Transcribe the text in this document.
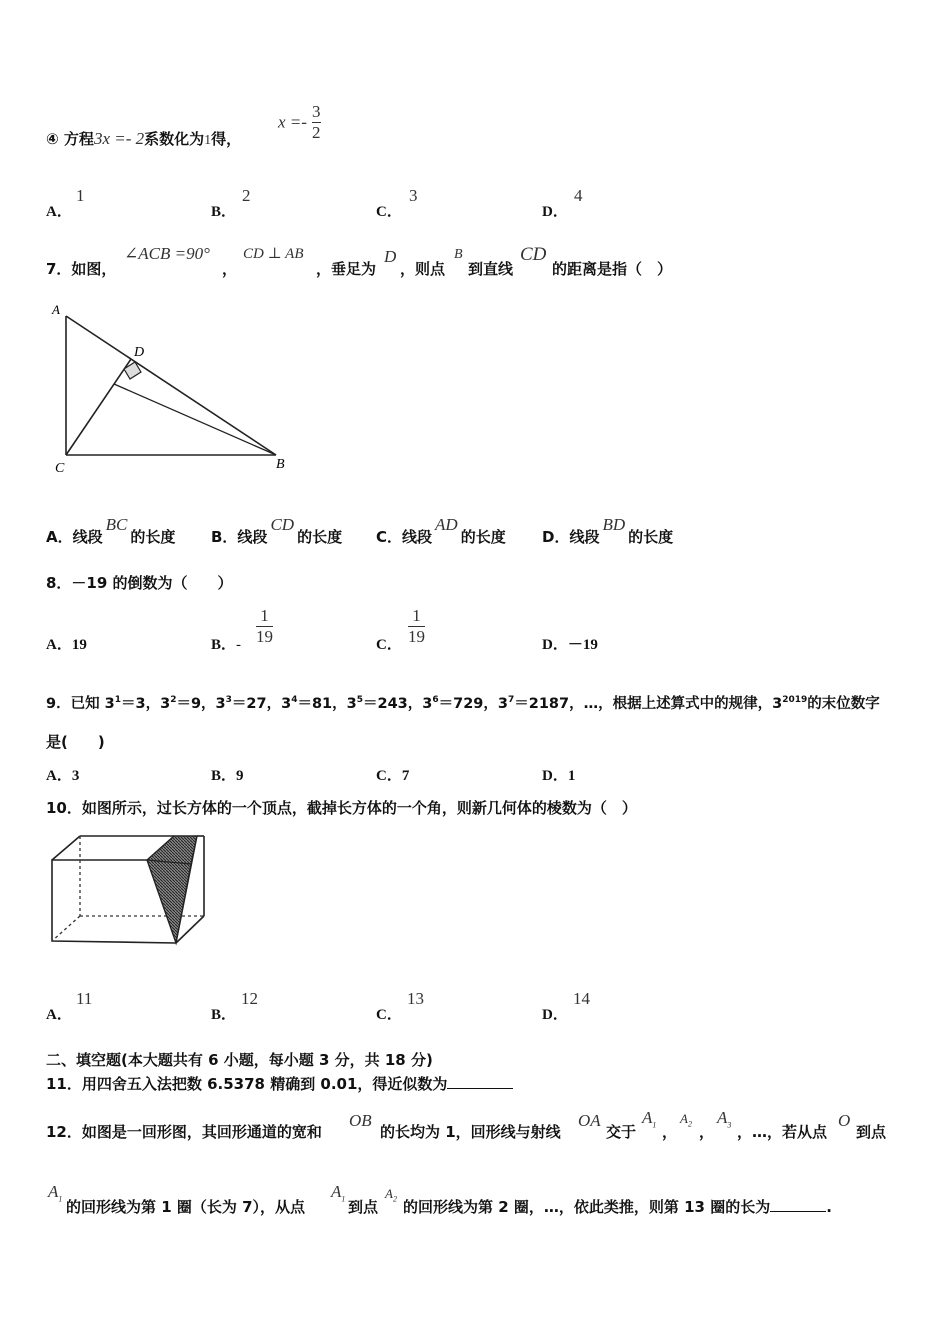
④ 方程3x =- 2系数化为1得，
$x =- \frac{3}{2}$
A．
1
B．
2
C．
3
D．
4
7．如图，
∠ACB =90°
，
CD ⊥ AB
，垂足为
D
，则点
B
到直线
CD
的距离是指（　）
A
D
C	B
A．线段BC的长度 B．线段CD的长度 C．线段AD的长度 D．线段BD的长度
8．－19 的倒数为（　　）
A．19	B．- $\frac{1}{19}$	C． $\frac{1}{19}$	D．－19
9．已知 $3^1=3$，$3^2=9$，$3^3=27$，$3^4=81$，$3^5=243$，$3^6=729$，$3^7=2187$，…，根据上述算式中的规律，$3^{2019}$的末位数字
是(　　)
A．3	B．9	C．7	D．1
10．如图所示，过长方体的一个顶点，截掉长方体的一个角，则新几何体的棱数为（　）
A．
11
B．
12
C．
13
D．
14
二、填空题(本大题共有 6 小题，每小题 3 分，共 18 分)
11．用四舍五入法把数 6.5378 精确到 0.01，得近似数为
12．如图是一回形图，其回形通道的宽和
OB
的长均为 1，回形线与射线
OA
交于
$A_1$ ，
$A_2$ ，
$A_3$ ，…，若从点
O
到点
$A_1$ 的回形线为第 1 圈（长为 7），从点
$A_1$ 到点
$A_2$ 的回形线为第 2 圈，…，依此类推，则第 13 圈的长为	.
